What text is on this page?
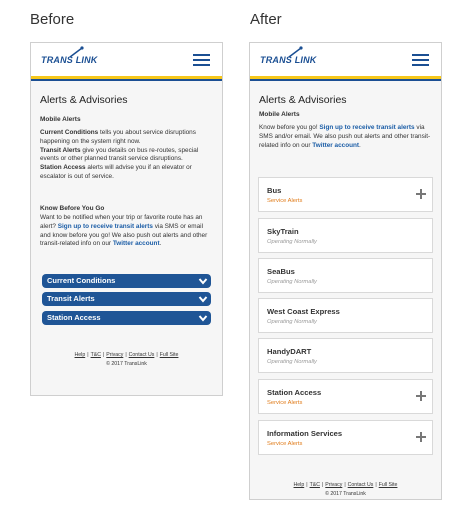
Before	After
TRANS LINK
Alerts & Advisories
Mobile Alerts
Current Conditions tells you about service disruptions happening on the system right now.
Transit Alerts give you details on bus re-routes, special events or other planned transit service disruptions.
Station Access alerts will advise you if an elevator or escalator is out of service.
Know Before You Go
Want to be notified when your trip or favorite route has an alert? Sign up to receive transit alerts via SMS or email and know before you go! We also push out alerts and other transit-related info on our Twitter account.
Current Conditions
Transit Alerts
Station Access
Help | T&C | Privacy | Contact Us | Full Site
© 2017 TransLink
TRANS LINK
Alerts & Advisories
Mobile Alerts
Know before you go! Sign up to receive transit alerts via SMS and/or email. We also push out alerts and other transit-related info on our Twitter account.
Bus
Service Alerts
SkyTrain
Operating Normally
SeaBus
Operating Normally
West Coast Express
Operating Normally
HandyDART
Operating Normally
Station Access
Service Alerts
Information Services
Service Alerts
Help | T&C | Privacy | Contact Us | Full Site
© 2017 TransLink
